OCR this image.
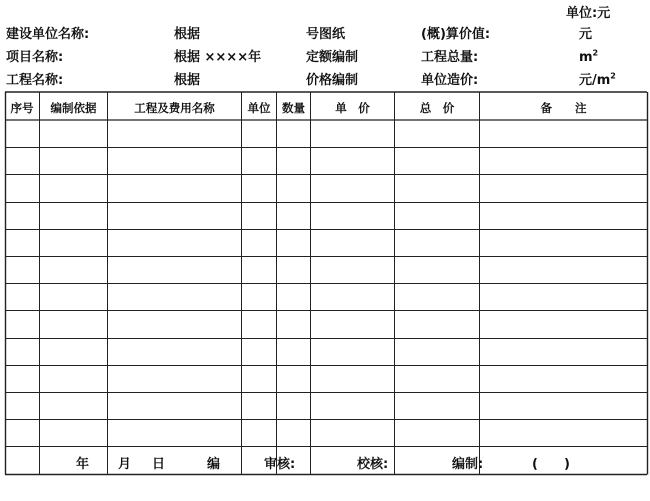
单位:元
建设单位名称:	根据	号图纸	(概)算价值:	元
项目名称:	根据 ××××年	定额编制	工程总量:	$m^2$
工程名称:	根据	价格编制	单位造价:	元$/m^2$
序号	编制依据	工程及费用名称	单位	数量	单　价	总　价	备　　注
年 月 日	编	审核:	校核:	编制:	(　　)
